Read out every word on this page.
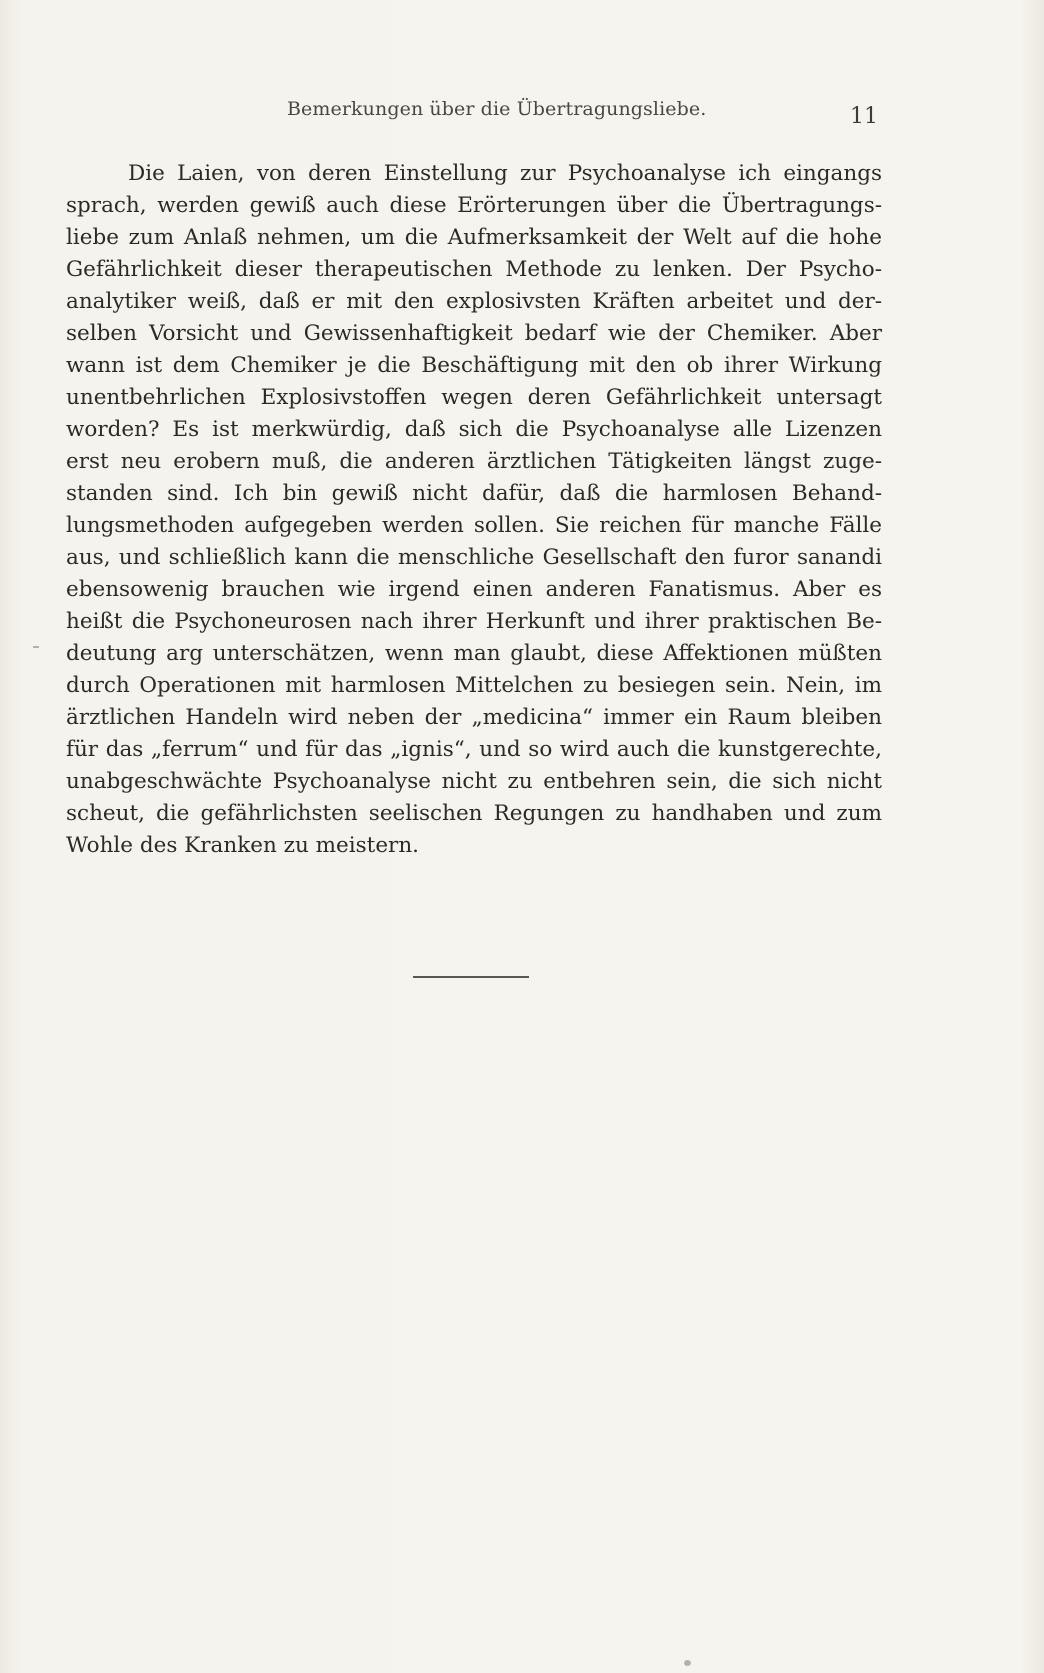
Bemerkungen über die Übertragungsliebe.	11
Die Laien, von deren Einstellung zur Psychoanalyse ich eingangs
sprach, werden gewiß auch diese Erörterungen über die Übertragungs-
liebe zum Anlaß nehmen, um die Aufmerksamkeit der Welt auf die hohe
Gefährlichkeit dieser therapeutischen Methode zu lenken. Der Psycho-
analytiker weiß, daß er mit den explosivsten Kräften arbeitet und der-
selben Vorsicht und Gewissenhaftigkeit bedarf wie der Chemiker. Aber
wann ist dem Chemiker je die Beschäftigung mit den ob ihrer Wirkung
unentbehrlichen Explosivstoffen wegen deren Gefährlichkeit untersagt
worden? Es ist merkwürdig, daß sich die Psychoanalyse alle Lizenzen
erst neu erobern muß, die anderen ärztlichen Tätigkeiten längst zuge-
standen sind. Ich bin gewiß nicht dafür, daß die harmlosen Behand-
lungsmethoden aufgegeben werden sollen. Sie reichen für manche Fälle
aus, und schließlich kann die menschliche Gesellschaft den furor sanandi
ebensowenig brauchen wie irgend einen anderen Fanatismus. Aber es
heißt die Psychoneurosen nach ihrer Herkunft und ihrer praktischen Be-
deutung arg unterschätzen, wenn man glaubt, diese Affektionen müßten
durch Operationen mit harmlosen Mittelchen zu besiegen sein. Nein, im
ärztlichen Handeln wird neben der „medicina“ immer ein Raum bleiben
für das „ferrum“ und für das „ignis“, und so wird auch die kunstgerechte,
unabgeschwächte Psychoanalyse nicht zu entbehren sein, die sich nicht
scheut, die gefährlichsten seelischen Regungen zu handhaben und zum
Wohle des Kranken zu meistern.
